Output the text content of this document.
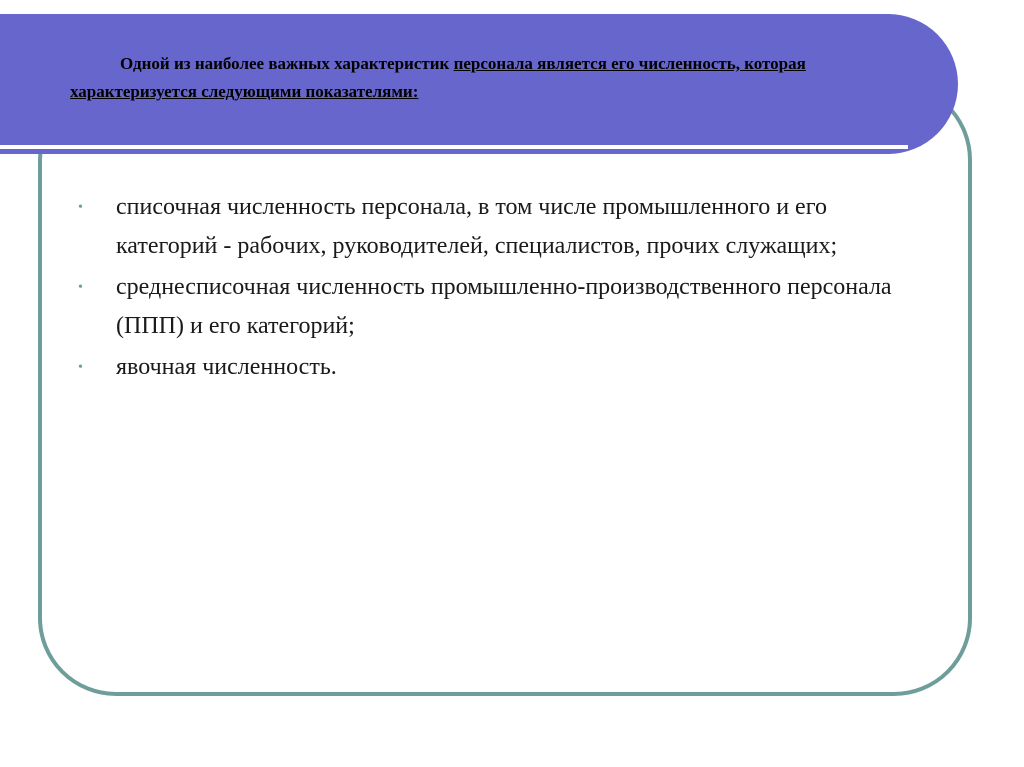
Одной из наиболее важных характеристик персонала является его численность, которая характеризуется следующими показателями:

• списочная численность персонала, в том числе промышленного и его категорий - рабочих, руководителей, специалистов, прочих служащих;
• среднесписочная численность промышленно-производственного персонала (ППП) и его категорий;
• явочная численность.
